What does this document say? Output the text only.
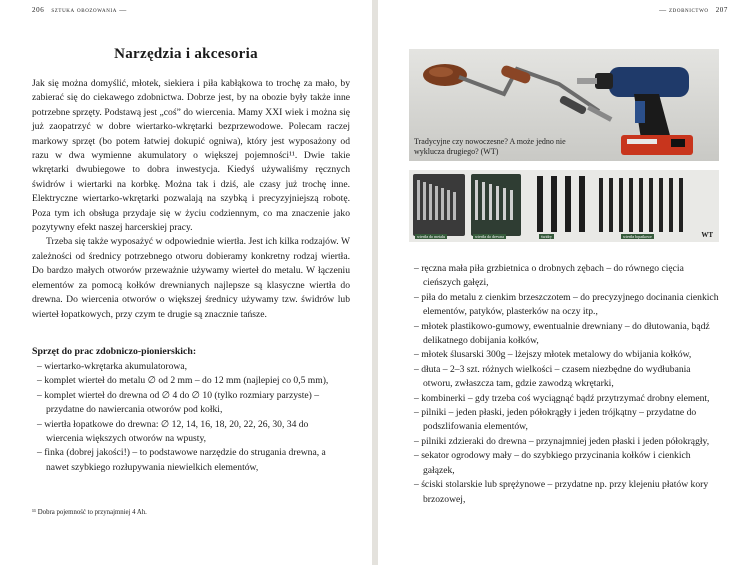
206 sztuka obozowania —
Narzędzia i akcesoria

Jak się można domyślić, młotek, siekiera i piła kabłąkowa to trochę za mało, by zabierać się do ciekawego zdobnictwa. Dobrze jest, by na obozie były także inne potrzebne sprzęty. Podstawą jest „coś” do wiercenia. Mamy XXI wiek i można się już zaopatrzyć w dobre wiertarko-wkrętarki bezprzewodowe. Polecam raczej markowy sprzęt (bo potem łatwiej dokupić ogniwa), który jest wyposażony od razu w dwa wymienne akumulatory o większej pojemności¹¹. Dwie takie wkrętarki dwubiegowe to dobra inwestycja. Kiedyś używaliśmy ręcznych świdrów i wiertarki na korbkę. Można tak i dziś, ale czasy już trochę inne. Elektryczne wiertarko-wkrętarki pozwalają na szybką i precyzyjniejszą robotę. Poza tym ich obsługa przydaje się w życiu codziennym, co ma znaczenie jako pozytywny efekt naszej harcerskiej pracy.

Trzeba się także wyposażyć w odpowiednie wiertła. Jest ich kilka rodzajów. W zależności od średnicy potrzebnego otworu dobieramy konkretny rodzaj wiertła. Do bardzo małych otworów przeważnie używamy wierteł do metalu. W łączeniu elementów za pomocą kołków drewnianych najlepsze są klasyczne wiertła do drewna. Do wiercenia otworów o większej średnicy używamy tzw. świdrów lub wierteł łopatkowych, przy czym te drugie są znacznie tańsze.

Sprzęt do prac zdobniczo-pionierskich:
– wiertarko-wkrętarka akumulatorowa,
– komplet wierteł do metalu ∅ od 2 mm – do 12 mm (najlepiej co 0,5 mm),
– komplet wierteł do drewna od ∅ 4 do ∅ 10 (tylko rozmiary parzyste) – przydatne do nawiercania otworów pod kołki,
– wiertła łopatkowe do drewna: ∅ 12, 14, 16, 18, 20, 22, 26, 30, 34 do wiercenia większych otworów na wpusty,
– finka (dobrej jakości!) – to podstawowe narzędzie do strugania drewna, a nawet szybkiego rozłupywania niewielkich elementów,
¹¹ Dobra pojemność to przynajmniej 4 Ah.
— zdobnictwo 207
Tradycyjne czy nowoczesne? A może jedno nie wyklucza drugiego? (WT)
wiertła do metalu	wiertła do drewna	świdry	wiertła łopatkowe	WT
– ręczna mała piła grzbietnica o drobnych zębach – do równego cięcia cieńszych gałęzi,
– piła do metalu z cienkim brzeszczotem – do precyzyjnego docinania cienkich elementów, patyków, plasterków na oczy itp.,
– młotek plastikowo-gumowy, ewentualnie drewniany – do dłutowania, bądź delikatnego dobijania kołków,
– młotek ślusarski 300g – lżejszy młotek metalowy do wbijania kołków,
– dłuta – 2–3 szt. różnych wielkości – czasem niezbędne do wydłubania otworu, zwłaszcza tam, gdzie zawodzą wkrętarki,
– kombinerki – gdy trzeba coś wyciągnąć bądź przytrzymać drobny element,
– pilniki – jeden płaski, jeden półokrągły i jeden trójkątny – przydatne do podszlifowania elementów,
– pilniki zdzieraki do drewna – przynajmniej jeden płaski i jeden półokrągły,
– sekator ogrodowy mały – do szybkiego przycinania kołków i cienkich gałązek,
– ściski stolarskie lub sprężynowe – przydatne np. przy klejeniu płatów kory brzozowej,
